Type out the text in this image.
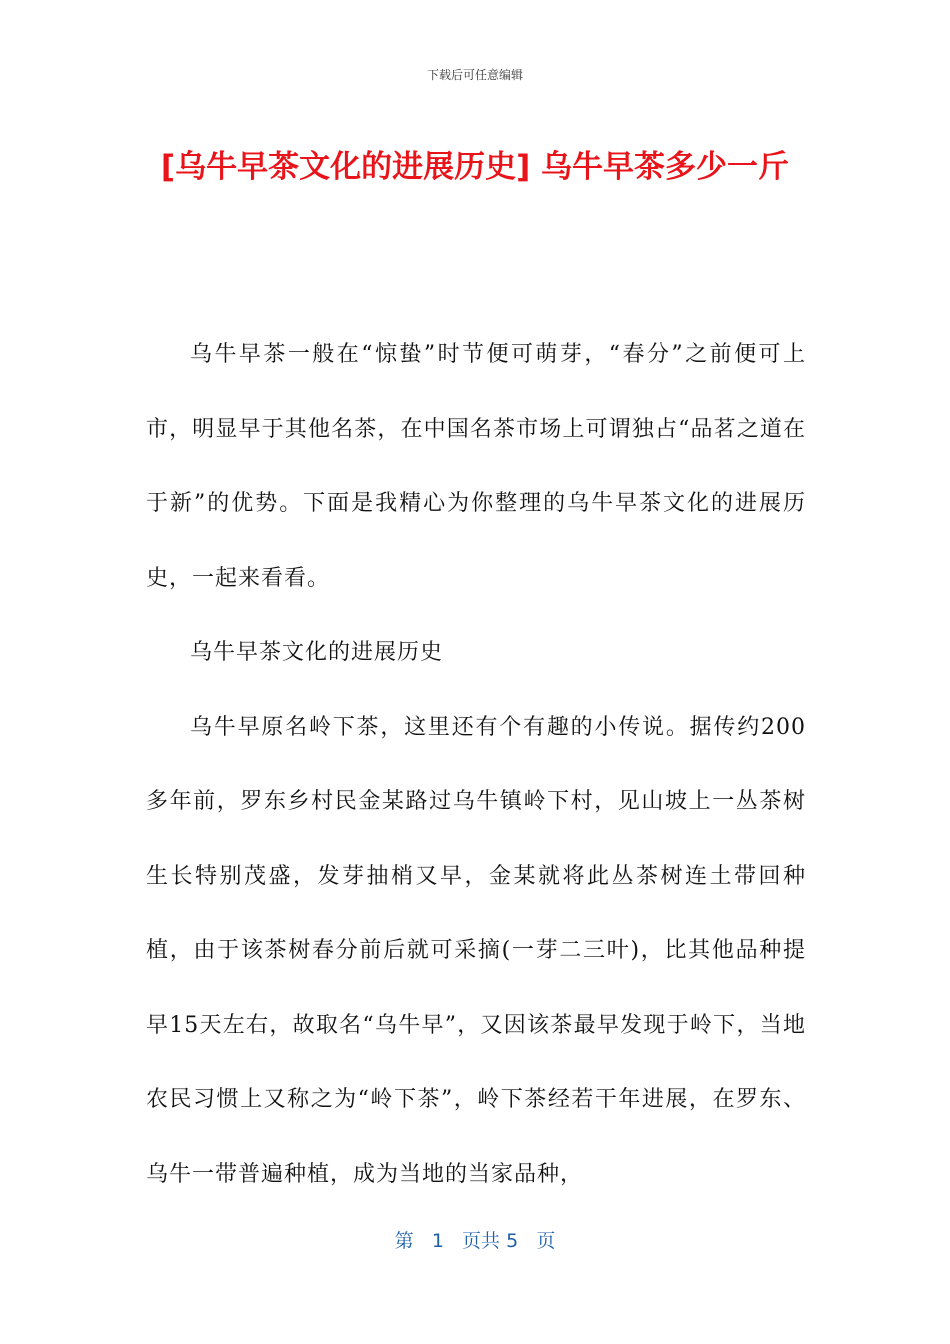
下载后可任意编辑
[乌牛早茶文化的进展历史] 乌牛早茶多少一斤

乌牛早茶一般在“惊蛰”时节便可萌芽，“春分”之前便可上市，明显早于其他名茶，在中国名茶市场上可谓独占“品茗之道在于新”的优势。下面是我精心为你整理的乌牛早茶文化的进展历史，一起来看看。

乌牛早茶文化的进展历史

乌牛早原名岭下茶，这里还有个有趣的小传说。据传约200多年前，罗东乡村民金某路过乌牛镇岭下村，见山坡上一丛茶树生长特别茂盛，发芽抽梢又早，金某就将此丛茶树连土带回种植，由于该茶树春分前后就可采摘(一芽二三叶)，比其他品种提早15天左右，故取名“乌牛早”，又因该茶最早发现于岭下，当地农民习惯上又称之为“岭下茶”，岭下茶经若干年进展，在罗东、乌牛一带普遍种植，成为当地的当家品种，

第 1 页共 5 页
